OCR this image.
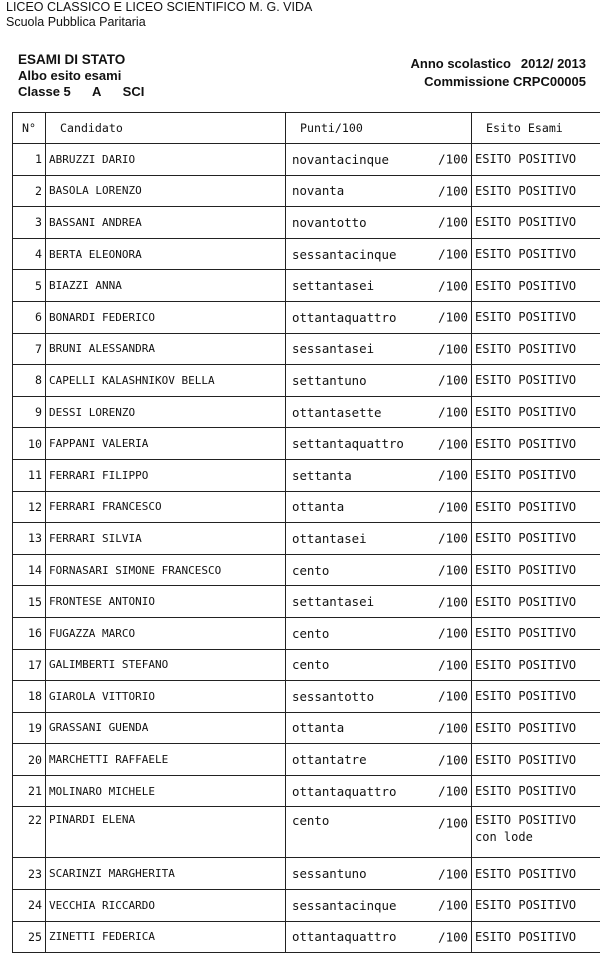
LICEO CLASSICO E LICEO SCIENTIFICO M. G. VIDA
Scuola Pubblica Paritaria
ESAMI DI STATO
Albo esito esami
Classe 5 A SCI
Anno scolastico 2012/ 2013
Commissione CRPC00005
N°	Candidato	Punti/100	Esito Esami
1	ABRUZZI DARIO	novantacinque /100	ESITO POSITIVO
2	BASOLA LORENZO	novanta /100	ESITO POSITIVO
3	BASSANI ANDREA	novantotto /100	ESITO POSITIVO
4	BERTA ELEONORA	sessantacinque /100	ESITO POSITIVO
5	BIAZZI ANNA	settantasei /100	ESITO POSITIVO
6	BONARDI FEDERICO	ottantaquattro /100	ESITO POSITIVO
7	BRUNI ALESSANDRA	sessantasei /100	ESITO POSITIVO
8	CAPELLI KALASHNIKOV BELLA	settantuno /100	ESITO POSITIVO
9	DESSI LORENZO	ottantasette /100	ESITO POSITIVO
10	FAPPANI VALERIA	settantaquattro /100	ESITO POSITIVO
11	FERRARI FILIPPO	settanta /100	ESITO POSITIVO
12	FERRARI FRANCESCO	ottanta /100	ESITO POSITIVO
13	FERRARI SILVIA	ottantasei /100	ESITO POSITIVO
14	FORNASARI SIMONE FRANCESCO	cento /100	ESITO POSITIVO
15	FRONTESE ANTONIO	settantasei /100	ESITO POSITIVO
16	FUGAZZA MARCO	cento /100	ESITO POSITIVO
17	GALIMBERTI STEFANO	cento /100	ESITO POSITIVO
18	GIAROLA VITTORIO	sessantotto /100	ESITO POSITIVO
19	GRASSANI GUENDA	ottanta /100	ESITO POSITIVO
20	MARCHETTI RAFFAELE	ottantatre /100	ESITO POSITIVO
21	MOLINARO MICHELE	ottantaquattro /100	ESITO POSITIVO
22	PINARDI ELENA	cento /100	ESITO POSITIVO
con lode

23	SCARINZI MARGHERITA	sessantuno /100	ESITO POSITIVO
24	VECCHIA RICCARDO	sessantacinque /100	ESITO POSITIVO
25	ZINETTI FEDERICA	ottantaquattro /100	ESITO POSITIVO
